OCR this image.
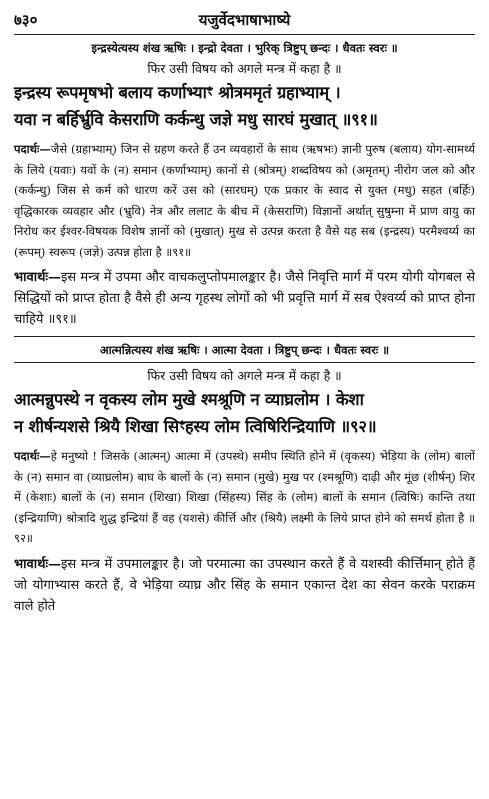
७३०	यजुर्वेदभाषाभाष्ये
इन्द्रस्येत्यस्य शंख ऋषिः । इन्द्रो देवता । भुरिक् त्रिष्टुप् छन्दः । धैवतः स्वरः ॥
फिर उसी विषय को अगले मन्त्र में कहा है ॥
इन्द्रस्य रूपमृषभो बलाय कर्णाभ्याꣳ श्रोत्रममृतं ग्रहाभ्याम् ।
यवा न बर्हिर्भ्रुवि केसराणि कर्कन्धु जज्ञे मधु सारघं मुखात् ॥९१॥
पदार्थः—जैसे (ग्रहाभ्याम्) जिन से ग्रहण करते हैं उन व्यवहारों के साथ (ऋषभः) ज्ञानी पुरुष (बलाय) योग-सामर्थ्य के लिये (यवाः) यवों के (न) समान (कर्णाभ्याम्) कानों से (श्रोत्रम्) शब्दविषय को (अमृतम्) नीरोग जल को और (कर्कन्धु) जिस से कर्म को धारण करें उस को (सारघम्) एक प्रकार के स्वाद से युक्त (मधु) सहत (बर्हिः) वृद्धिकारक व्यवहार और (भ्रुवि) नेत्र और ललाट के बीच में (केसराणि) विज्ञानों अर्थात् सुषुम्ना में प्राण वायु का निरोध कर ईश्वर-विषयक विशेष ज्ञानों को (मुखात्) मुख से उत्पन्न करता है वैसे यह सब (इन्द्रस्य) परमैश्वर्य्य का (रूपम्) स्वरूप (जज्ञे) उत्पन्न होता है ॥९१॥
भावार्थः—इस मन्त्र में उपमा और वाचकलुप्तोपमालङ्कार है। जैसे निवृत्ति मार्ग में परम योगी योगबल से सिद्धियों को प्राप्त होता है वैसे ही अन्य गृहस्थ लोगों को भी प्रवृत्ति मार्ग में सब ऐश्वर्य्य को प्राप्त होना चाहिये ॥९१॥
आत्मन्नित्यस्य शंख ऋषिः । आत्मा देवता । त्रिष्टुप् छन्दः । धैवतः स्वरः ॥
फिर उसी विषय को अगले मन्त्र में कहा है ॥
आत्मन्नुपस्थे न वृकस्य लोम मुखे श्मश्रूणि न व्याघ्रलोम । केशा
न शीर्षन्यशसे श्रियै शिखा सिꣳहस्य लोम त्विषिरिन्द्रियाणि ॥९२॥
पदार्थः—हे मनुष्यो ! जिसके (आत्मन्) आत्मा में (उपस्थे) समीप स्थिति होने में (वृकस्य) भेड़िया के (लोम) बालों के (न) समान वा (व्याघ्रलोम) बाघ के बालों के (न) समान (मुखे) मुख पर (श्मश्रूणि) दाढ़ी और मूंछ (शीर्षन्) शिर में (केशाः) बालों के (न) समान (शिखा) शिखा (सिंहस्य) सिंह के (लोम) बालों के समान (त्विषिः) कान्ति तथा (इन्द्रियाणि) श्रोत्रादि शुद्ध इन्द्रियां हैं वह (यशसे) कीर्त्ति और (श्रियै) लक्ष्मी के लिये प्राप्त होने को समर्थ होता है ॥९२॥
भावार्थः—इस मन्त्र में उपमालङ्कार है। जो परमात्मा का उपस्थान करते हैं वे यशस्वी कीर्त्तिमान् होते हैं जो योगाभ्यास करते हैं, वे भेड़िया व्याघ्र और सिंह के समान एकान्त देश का सेवन करके पराक्रम वाले होते
